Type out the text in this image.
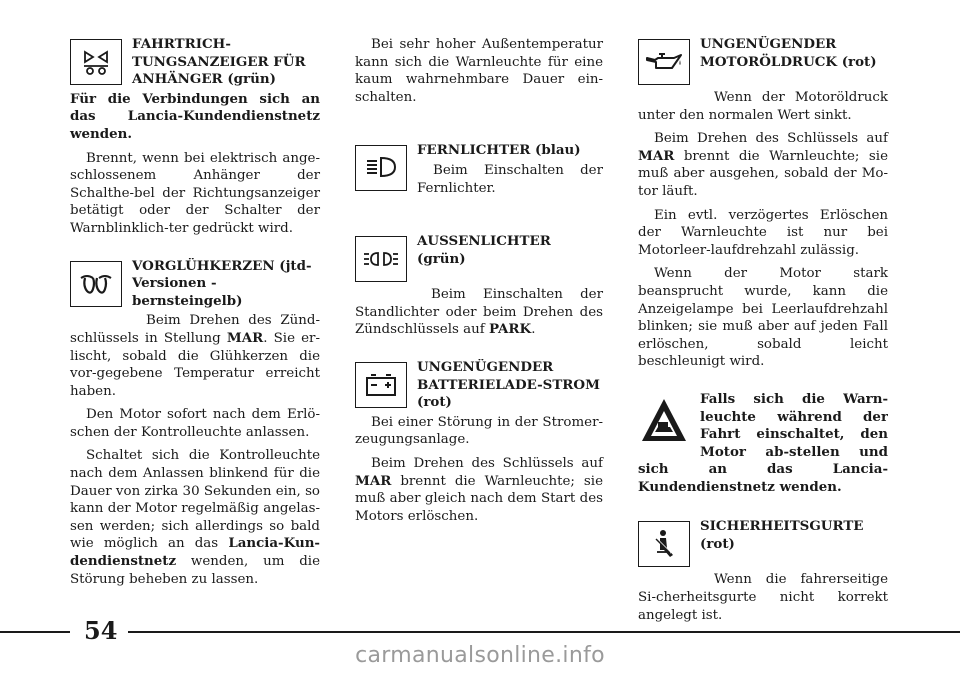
FAHRTRICH-TUNGSANZEIGER FÜR ANHÄNGER (grün)

Für die Verbindungen sich an das Lancia-Kundendienstnetz wenden.

Brennt, wenn bei elektrisch ange-schlossenem Anhänger der Schalthe-bel der Richtungsanzeiger betätigt oder der Schalter der Warnblinklich-ter gedrückt wird.

VORGLÜHKERZEN (jtd-Versionen - bernsteingelb)

Beim Drehen des Zünd-schlüssels in Stellung MAR. Sie er-lischt, sobald die Glühkerzen die vor-gegebene Temperatur erreicht haben.

Den Motor sofort nach dem Erlö-schen der Kontrolleuchte anlassen.

Schaltet sich die Kontrolleuchte nach dem Anlassen blinkend für die Dauer von zirka 30 Sekunden ein, so kann der Motor regelmäßig angelas-sen werden; sich allerdings so bald wie möglich an das Lancia-Kun-dendienstnetz wenden, um die Störung beheben zu lassen.

Bei sehr hoher Außentemperatur kann sich die Warnleuchte für eine kaum wahrnehmbare Dauer ein-schalten.

FERNLICHTER (blau)

Beim Einschalten der Fernlichter.

AUSSENLICHTER (grün)

Beim Einschalten der Standlichter oder beim Drehen des Zündschlüssels auf PARK.

UNGENÜGENDER BATTERIELADE-STROM (rot)

Bei einer Störung in der Stromer-zeugungsanlage.

Beim Drehen des Schlüssels auf MAR brennt die Warnleuchte; sie muß aber gleich nach dem Start des Motors erlöschen.

UNGENÜGENDER MOTORÖLDRUCK (rot)

Wenn der Motoröldruck unter den normalen Wert sinkt.

Beim Drehen des Schlüssels auf MAR brennt die Warnleuchte; sie muß aber ausgehen, sobald der Mo-tor läuft.

Ein evtl. verzögertes Erlöschen der Warnleuchte ist nur bei Motorleer-laufdrehzahl zulässig.

Wenn der Motor stark beansprucht wurde, kann die Anzeigelampe bei Leerlaufdrehzahl blinken; sie muß aber auf jeden Fall erlöschen, sobald leicht beschleunigt wird.

Falls sich die Warn-leuchte während der Fahrt einschaltet, den Motor ab-stellen und sich an das Lancia-Kundendienstnetz wenden.

SICHERHEITSGURTE (rot)

Wenn die fahrerseitige Si-cherheitsgurte nicht korrekt angelegt ist.

54
carmanualsonline.info
